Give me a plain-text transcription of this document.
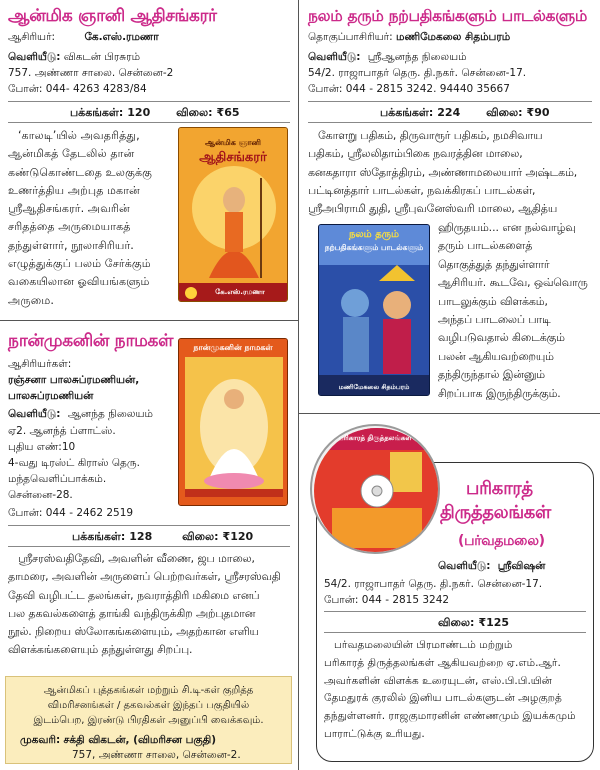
ஆன்மிக ஞானி ஆதிசங்கரர்
ஆசிரியர்:	கே.எஸ்.ரமணா
வெளியீடு: விகடன் பிரசுரம்
757. அண்ணா சாலை. சென்னை-2
போன்: 044- 4263 4283/84
பக்கங்கள்: 120 விலை: ₹65
‘காலடி’யில் அவதரித்து,
ஆன்மிகத் தேடலில் தான்
கண்டுகொண்டதை உலகுக்கு
உணர்த்திய அற்புத மகான்
ஸ்ரீஆதிசங்கரர். அவரின்
சரிதத்தை அருமையாகத்
தந்துள்ளார், நூலாசிரியர்.
எழுத்துக்குப் பலம் சேர்க்கும்
வகையிலான ஓவியங்களும்
அருமை.
ஆன்மிக ஞானி
ஆதிசங்கரர்
கே.எஸ்.ரமணா
நான்முகனின் நாமகள்
ஆசிரியர்கள்:
ரஞ்சனா பாலசுப்ரமணியன்,
பாலசுப்ரமணியன்
வெளியீடு: ஆனந்த நிலையம்
ஏ2. ஆனந்த் ப்ளாட்ஸ்.
புதிய எண்:10
4-வது டிரஸ்ட் கிராஸ் தெரு.
மந்தவெளிப்பாக்கம்.
சென்னை-28.
போன்: 044 - 2462 2519
பக்கங்கள்: 128	விலை: ₹120
நான்முகனின் நாமகள்
ஸ்ரீசரஸ்வதிதேவி, அவளின் வீணை, ஜப மாலை,
தாமரை, அவளின் அருளைப் பெற்றவர்கள், ஸ்ரீசரஸ்வதி
தேவி வழிபட்ட தலங்கள், நவராத்திரி மகிமை எனப்
பல தகவல்களைத் தாங்கி வந்திருக்கிற அற்புதமான
நூல். நிறைய ஸ்லோகங்களையும், அதற்கான எளிய
விளக்கங்களையும் தந்துள்ளது சிறப்பு.
ஆன்மிகப் புத்தகங்கள் மற்றும் சி.டி-கள் குறித்த
விமரிசனங்கள் / தகவல்கள் இந்தப் பகுதியில்
இடம்பெற, இரண்டு பிரதிகள் அனுப்பி வைக்கவும்.
முகவரி: சக்தி விகடன், (விமரிசன பகுதி)
757, அண்ணா சாலை, சென்னை-2.
நலம் தரும் நற்பதிகங்களும் பாடல்களும்
தொகுப்பாசிரியர்: மணிமேகலை சிதம்பரம்
வெளியீடு: ஸ்ரீஆனந்த நிலையம்
54/2. ராஜாபாதர் தெரு. தி.நகர். சென்னை-17.
போன்: 044 - 2815 3242. 94440 35667
பக்கங்கள்: 224 விலை: ₹90
கோளறு பதிகம், திருவாரூர் பதிகம், நமசிவாய
பதிகம், ஸ்ரீலலிதாம்பிகை நவரத்தின மாலை,
கனகதாரா ஸ்தோத்திரம், அண்ணாமலையார் அஷ்டகம்,
பட்டினத்தார் பாடல்கள், நவக்கிரகப் பாடல்கள்,
ஸ்ரீஅபிராமி துதி, ஸ்ரீபுவனேஸ்வரி மாலை, ஆதித்ய
நலம் தரும்
நற்பதிகங்களும் பாடல்களும்
மணிமேகலை சிதம்பரம்
ஹிருதயம்... என நல்வாழ்வு
தரும் பாடல்களைத்
தொகுத்துத் தந்துள்ளார்
ஆசிரியர். கூடவே, ஒவ்வொரு
பாடலுக்கும் விளக்கம்,
அந்தப் பாடலைப் பாடி
வழிபடுவதால் கிடைக்கும்
பலன் ஆகியவற்றையும்
தந்திருந்தால் இன்னும்
சிறப்பாக இருந்திருக்கும்.
பரிகாரத் திருத்தலங்கள்
பரிகாரத்
திருத்தலங்கள்
(பர்வதமலை)
வெளியீடு: ஸ்ரீவிஷன்
54/2. ராஜாபாதர் தெரு. தி.நகர். சென்னை-17.
போன்: 044 - 2815 3242
விலை: ₹125
பர்வதமலையின் பிரமாண்டம் மற்றும்
பரிகாரத் திருத்தலங்கள் ஆகியவற்றை ஏ.எம்.ஆர்.
அவர்களின் விளக்க உரையுடன், எஸ்.பி.பி.யின்
தேமதுரக் குரலில் இனிய பாடல்களுடன் அழகுறத்
தந்துள்ளனர். ராஜகுமாரனின் எண்ணமும் இயக்கமும்
பாராட்டுக்கு உரியது.
